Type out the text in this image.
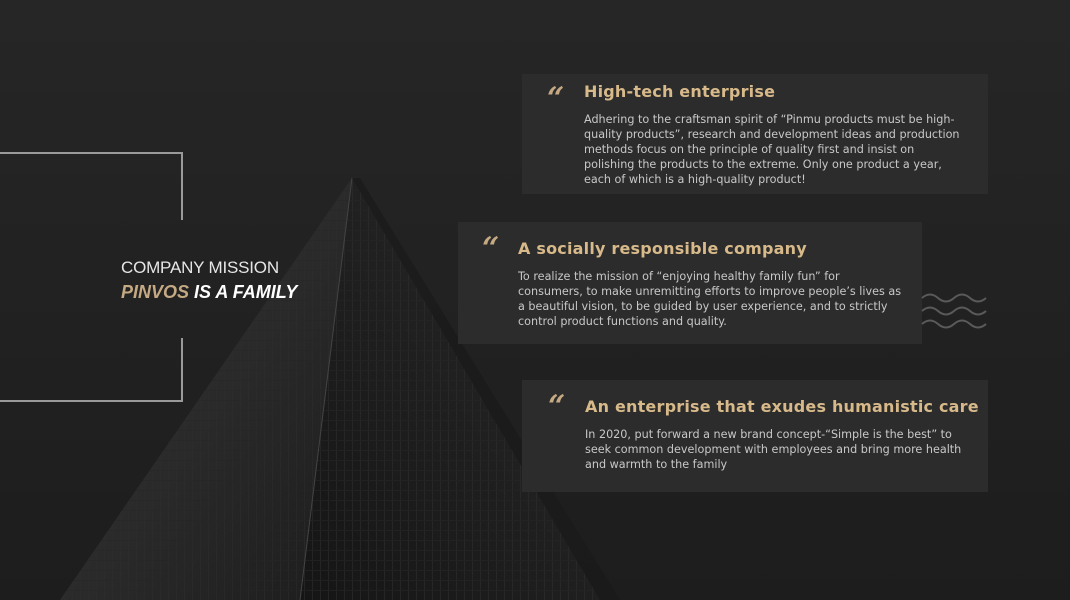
COMPANY MISSION
PINVOS IS A FAMILY
“ High-tech enterprise
Adhering to the craftsman spirit of “Pinmu products must be high-quality products”, research and development ideas and production methods focus on the principle of quality first and insist on polishing the products to the extreme. Only one product a year, each of which is a high-quality product!
“ A socially responsible company
To realize the mission of “enjoying healthy family fun” for consumers, to make unremitting efforts to improve people’s lives as a beautiful vision, to be guided by user experience, and to strictly control product functions and quality.
“ An enterprise that exudes humanistic care
In 2020, put forward a new brand concept-“Simple is the best” to seek common development with employees and bring more health and warmth to the family
